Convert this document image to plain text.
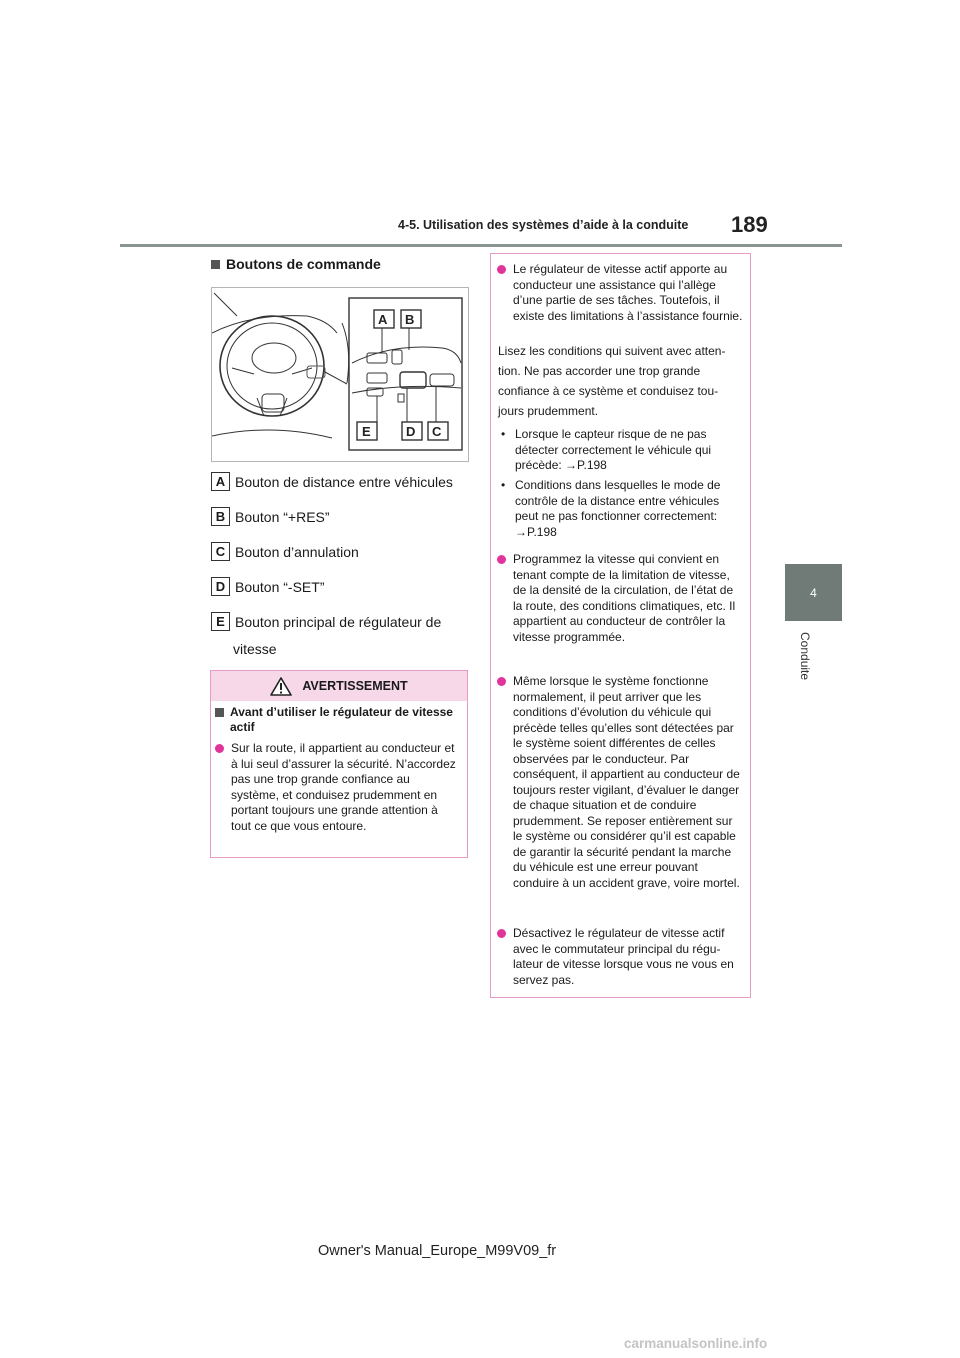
4-5. Utilisation des systèmes d’aide à la conduite 189
4
Conduite
Boutons de commande
A B
E	D C
A Bouton de distance entre véhicules
B Bouton “+RES”
C Bouton d’annulation
D Bouton “-SET”
E Bouton principal de régulateur de
vitesse
AVERTISSEMENT
Avant d’utiliser le régulateur de vitesse actif
Sur la route, il appartient au conducteur et à lui seul d’assurer la sécurité. N’accordez pas une trop grande confiance au système, et conduisez prudemment en portant toujours une grande attention à tout ce que vous entoure.
Le régulateur de vitesse actif apporte au conducteur une assistance qui l’allège d’une partie de ses tâches. Toutefois, il existe des limitations à l’assistance fournie.
Lisez les conditions qui suivent avec atten-
tion. Ne pas accorder une trop grande
confiance à ce système et conduisez tou-
jours prudemment.
• Lorsque le capteur risque de ne pas détecter correctement le véhicule qui précède: →P.198
• Conditions dans lesquelles le mode de contrôle de la distance entre véhicules peut ne pas fonctionner correctement: →P.198
Programmez la vitesse qui convient en tenant compte de la limitation de vitesse, de la densité de la circulation, de l’état de la route, des conditions climatiques, etc. Il appartient au conducteur de contrôler la vitesse programmée.
Même lorsque le système fonctionne normalement, il peut arriver que les conditions d’évolution du véhicule qui précède telles qu’elles sont détectées par le système soient différentes de celles observées par le conducteur. Par conséquent, il appartient au conducteur de toujours rester vigilant, d’évaluer le danger de chaque situation et de conduire prudemment. Se reposer entièrement sur le système ou considérer qu’il est capable de garantir la sécurité pendant la marche du véhicule est une erreur pouvant conduire à un accident grave, voire mortel.
Désactivez le régulateur de vitesse actif avec le commutateur principal du régulateur de vitesse lorsque vous ne vous en servez pas.
Owner's Manual_Europe_M99V09_fr
carmanualsonline.info
